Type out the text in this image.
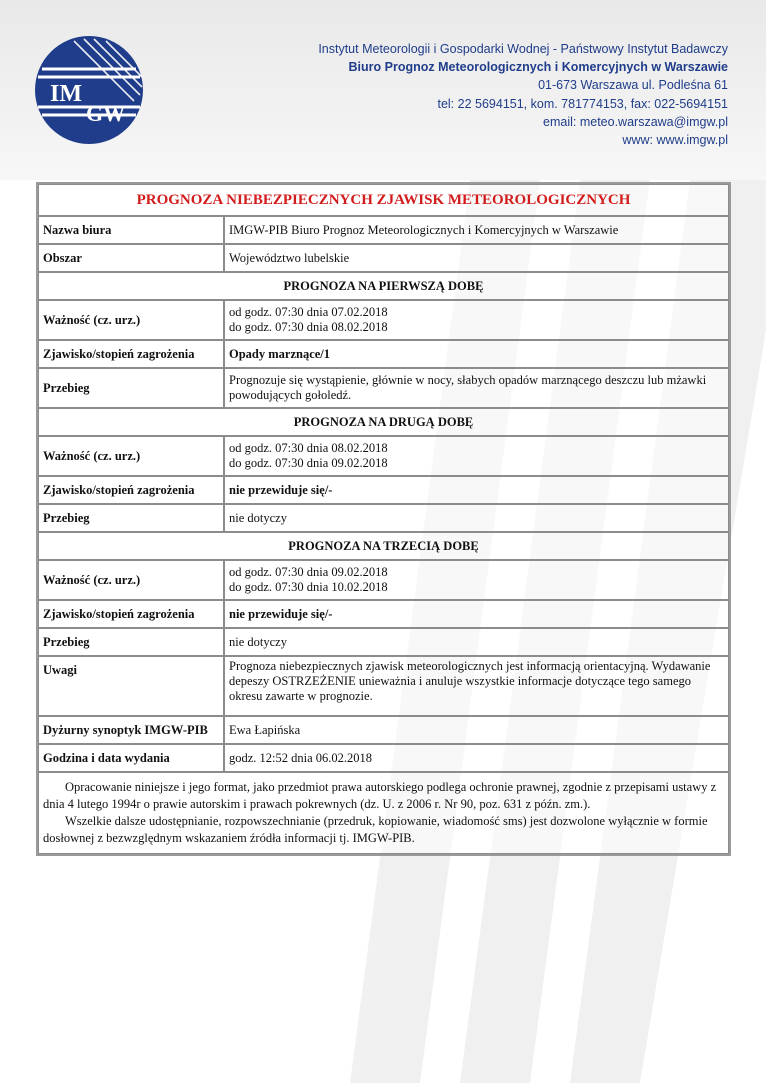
IM
GW
Instytut Meteorologii i Gospodarki Wodnej - Państwowy Instytut Badawczy
Biuro Prognoz Meteorologicznych i Komercyjnych w Warszawie
01-673 Warszawa ul. Podleśna 61
tel: 22 5694151, kom. 781774153, fax: 022-5694151
email: meteo.warszawa@imgw.pl
www: www.imgw.pl
PROGNOZA NIEBEZPIECZNYCH ZJAWISK METEOROLOGICZNYCH	
Nazwa biura	IMGW-PIB Biuro Prognoz Meteorologicznych i Komercyjnych w Warszawie
Obszar	Województwo lubelskie
PROGNOZA NA PIERWSZĄ DOBĘ	
Ważność (cz. urz.)	od godz. 07:30 dnia 07.02.2018
do godz. 07:30 dnia 08.02.2018

Zjawisko/stopień zagrożenia	Opady marznące/1
Przebieg	Prognozuje się wystąpienie, głównie w nocy, słabych opadów marznącego deszczu lub mżawki powodujących gołoledź.
PROGNOZA NA DRUGĄ DOBĘ	
Ważność (cz. urz.)	od godz. 07:30 dnia 08.02.2018
do godz. 07:30 dnia 09.02.2018

Zjawisko/stopień zagrożenia	nie przewiduje się/-
Przebieg	nie dotyczy
PROGNOZA NA TRZECIĄ DOBĘ	
Ważność (cz. urz.)	od godz. 07:30 dnia 09.02.2018
do godz. 07:30 dnia 10.02.2018

Zjawisko/stopień zagrożenia	nie przewiduje się/-
Przebieg	nie dotyczy
Uwagi	Prognoza niebezpiecznych zjawisk meteorologicznych jest informacją orientacyjną. Wydawanie depeszy OSTRZEŻENIE unieważnia i anuluje wszystkie informacje dotyczące tego samego okresu zawarte w prognozie.
Dyżurny synoptyk IMGW-PIB	Ewa Łapińska
Godzina i data wydania	godz. 12:52 dnia 06.02.2018

Opracowanie niniejsze i jego format, jako przedmiot prawa autorskiego podlega ochronie prawnej, zgodnie z przepisami ustawy z dnia 4 lutego 1994r o prawie autorskim i prawach pokrewnych (dz. U. z 2006 r. Nr 90, poz. 631 z późn. zm.).
Wszelkie dalsze udostępnianie, rozpowszechnianie (przedruk, kopiowanie, wiadomość sms) jest dozwolone wyłącznie w formie dosłownej z bezwzględnym wskazaniem źródła informacji tj. IMGW-PIB.	
